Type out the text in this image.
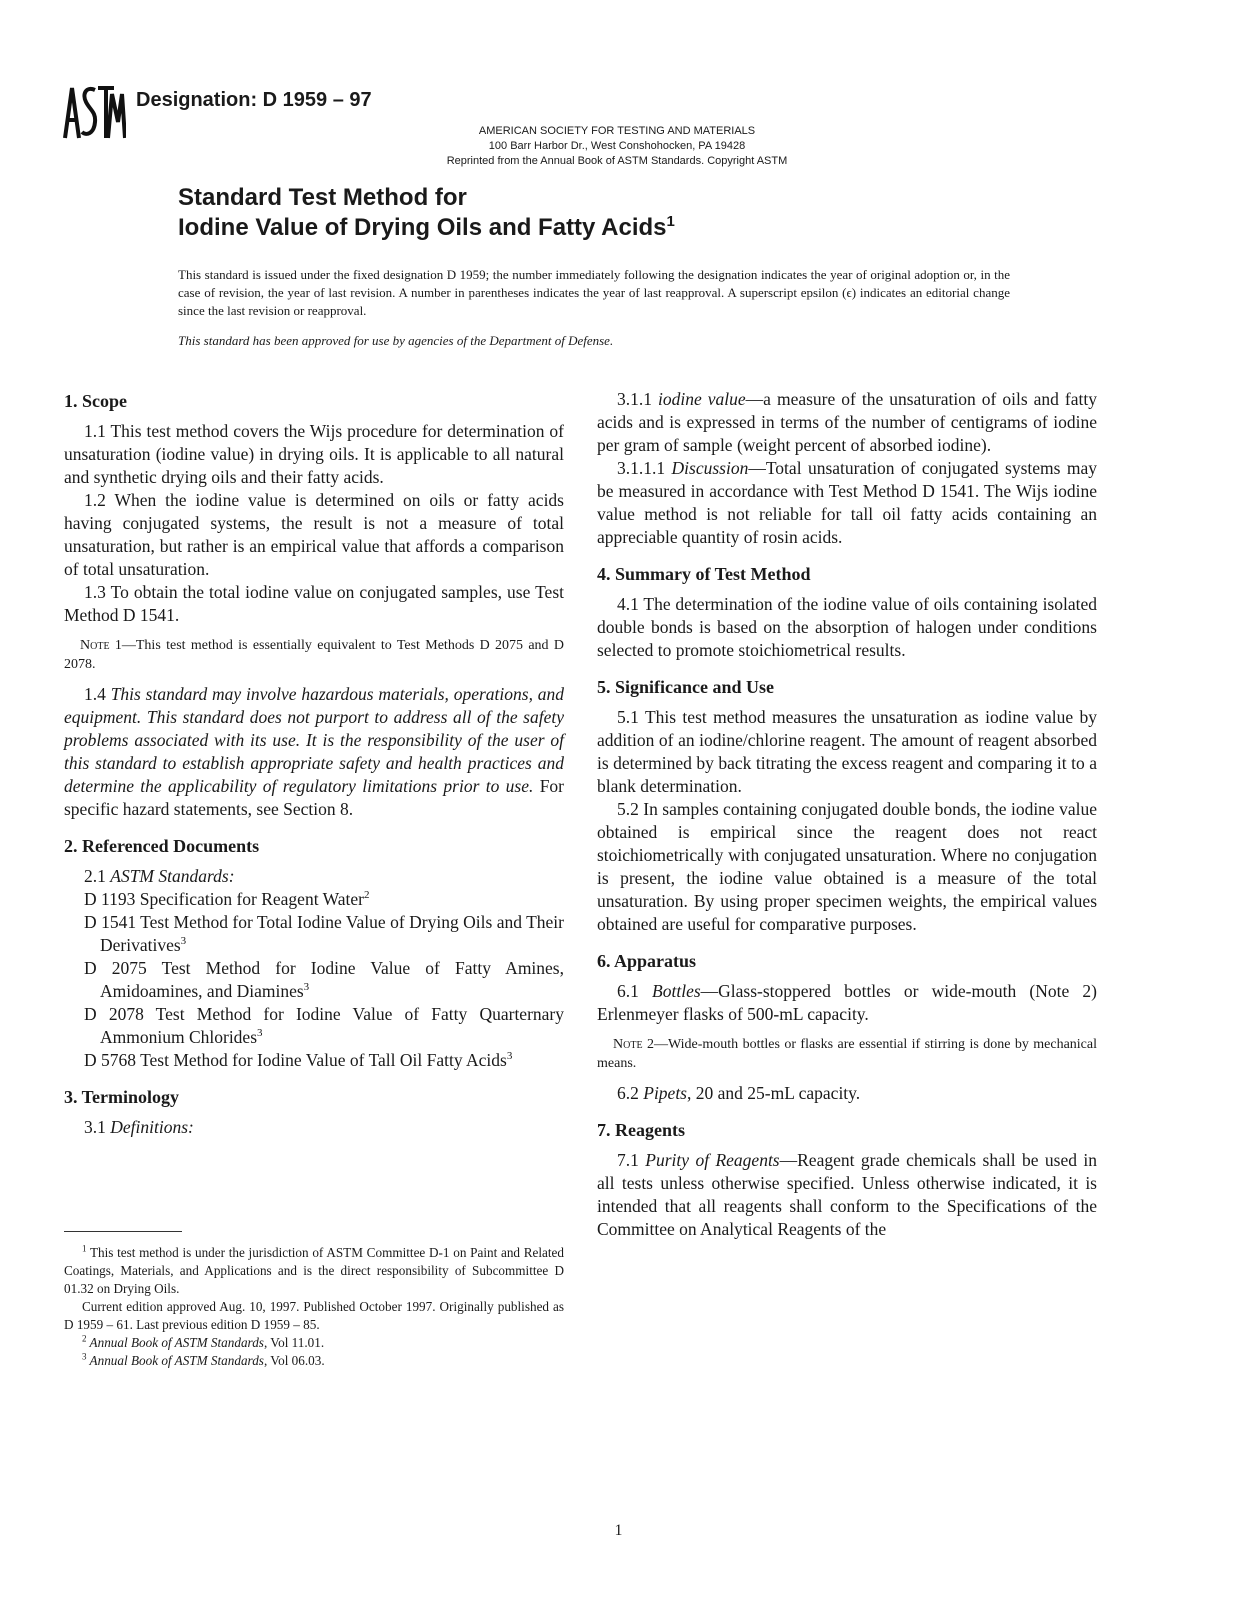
Designation: D 1959 – 97
AMERICAN SOCIETY FOR TESTING AND MATERIALS
100 Barr Harbor Dr., West Conshohocken, PA 19428
Reprinted from the Annual Book of ASTM Standards. Copyright ASTM
Standard Test Method for
Iodine Value of Drying Oils and Fatty Acids$^1$

This standard is issued under the fixed designation D 1959; the number immediately following the designation indicates the year of original adoption or, in the case of revision, the year of last revision. A number in parentheses indicates the year of last reapproval. A superscript epsilon (ϵ) indicates an editorial change since the last revision or reapproval.

This standard has been approved for use by agencies of the Department of Defense.

1. Scope

1.1 This test method covers the Wijs procedure for determination of unsaturation (iodine value) in drying oils. It is applicable to all natural and synthetic drying oils and their fatty acids.

1.2 When the iodine value is determined on oils or fatty acids having conjugated systems, the result is not a measure of total unsaturation, but rather is an empirical value that affords a comparison of total unsaturation.

1.3 To obtain the total iodine value on conjugated samples, use Test Method D 1541.

Note 1—This test method is essentially equivalent to Test Methods D 2075 and D 2078.

1.4 This standard may involve hazardous materials, operations, and equipment. This standard does not purport to address all of the safety problems associated with its use. It is the responsibility of the user of this standard to establish appropriate safety and health practices and determine the applicability of regulatory limitations prior to use. For specific hazard statements, see Section 8.

2. Referenced Documents

2.1 ASTM Standards:

D 1193 Specification for Reagent Water$^2$

D 1541 Test Method for Total Iodine Value of Drying Oils and Their Derivatives$^3$

D 2075 Test Method for Iodine Value of Fatty Amines, Amidoamines, and Diamines$^3$

D 2078 Test Method for Iodine Value of Fatty Quarternary Ammonium Chlorides$^3$

D 5768 Test Method for Iodine Value of Tall Oil Fatty Acids$^3$

3. Terminology

3.1 Definitions:

$^1$ This test method is under the jurisdiction of ASTM Committee D-1 on Paint and Related Coatings, Materials, and Applications and is the direct responsibility of Subcommittee D 01.32 on Drying Oils.

Current edition approved Aug. 10, 1997. Published October 1997. Originally published as D 1959 – 61. Last previous edition D 1959 – 85.

$^2$ Annual Book of ASTM Standards, Vol 11.01.

$^3$ Annual Book of ASTM Standards, Vol 06.03.

3.1.1 iodine value—a measure of the unsaturation of oils and fatty acids and is expressed in terms of the number of centigrams of iodine per gram of sample (weight percent of absorbed iodine).

3.1.1.1 Discussion—Total unsaturation of conjugated systems may be measured in accordance with Test Method D 1541. The Wijs iodine value method is not reliable for tall oil fatty acids containing an appreciable quantity of rosin acids.

4. Summary of Test Method

4.1 The determination of the iodine value of oils containing isolated double bonds is based on the absorption of halogen under conditions selected to promote stoichiometrical results.

5. Significance and Use

5.1 This test method measures the unsaturation as iodine value by addition of an iodine/chlorine reagent. The amount of reagent absorbed is determined by back titrating the excess reagent and comparing it to a blank determination.

5.2 In samples containing conjugated double bonds, the iodine value obtained is empirical since the reagent does not react stoichiometrically with conjugated unsaturation. Where no conjugation is present, the iodine value obtained is a measure of the total unsaturation. By using proper specimen weights, the empirical values obtained are useful for comparative purposes.

6. Apparatus

6.1 Bottles—Glass-stoppered bottles or wide-mouth (Note 2) Erlenmeyer flasks of 500-mL capacity.

Note 2—Wide-mouth bottles or flasks are essential if stirring is done by mechanical means.

6.2 Pipets, 20 and 25-mL capacity.

7. Reagents

7.1 Purity of Reagents—Reagent grade chemicals shall be used in all tests unless otherwise specified. Unless otherwise indicated, it is intended that all reagents shall conform to the Specifications of the Committee on Analytical Reagents of the

1
